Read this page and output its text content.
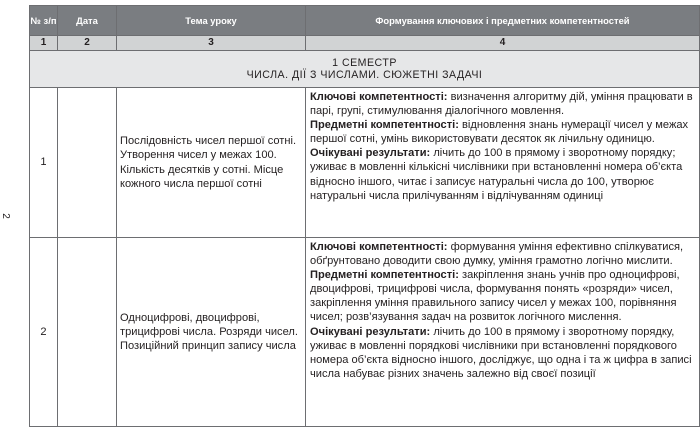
2
№ з/п	Дата	Тема уроку	Формування ключових і предметних компетентностей
1	2	3	4

1 СЕМЕСТР
ЧИСЛА. ДІЇ З ЧИСЛАМИ. СЮЖЕТНІ ЗАДАЧІ			

1		Послідовність чисел першої сотні. Утворення чисел у межах 100. Кількість десятків у сотні. Місце кожного числа першої сотні	Ключові компетентності: визначення алгоритму дій, уміння працювати в парі, групі, стимулювання діалогічного мовлення.

Предметні компетентності: відновлення знань нумерації чисел у межах першої сотні, умінь використовувати десяток як лічильну одиницю.

Очікувані результати: лічить до 100 в прямому і зворотному порядку; уживає в мовленні кількісні числівники при встановленні номера об’єкта відносно іншого, читає і записує натуральні числа до 100, утворює натуральні числа прилічуванням і відлічуванням одиниці

2		Одноцифрові, двоцифрові, трицифрові числа. Розряди чисел. Позиційний принцип запису числа	Ключові компетентності: формування уміння ефективно спілкуватися, обґрунтовано доводити свою думку, уміння грамотно логічно мислити.

Предметні компетентності: закріплення знань учнів про одноцифрові, двоцифрові, трицифрові числа, формування понять «розряди» чисел, закріплення уміння правильного запису чисел у межах 100, порівняння чисел; розв’язування задач на розвиток логічного мислення.

Очікувані результати: лічить до 100 в прямому і зворотному порядку, уживає в мовленні порядкові числівники при встановленні порядкового номера об’єкта відносно іншого, досліджує, що одна і та ж цифра в записі числа набуває різних значень залежно від своєї позиції
